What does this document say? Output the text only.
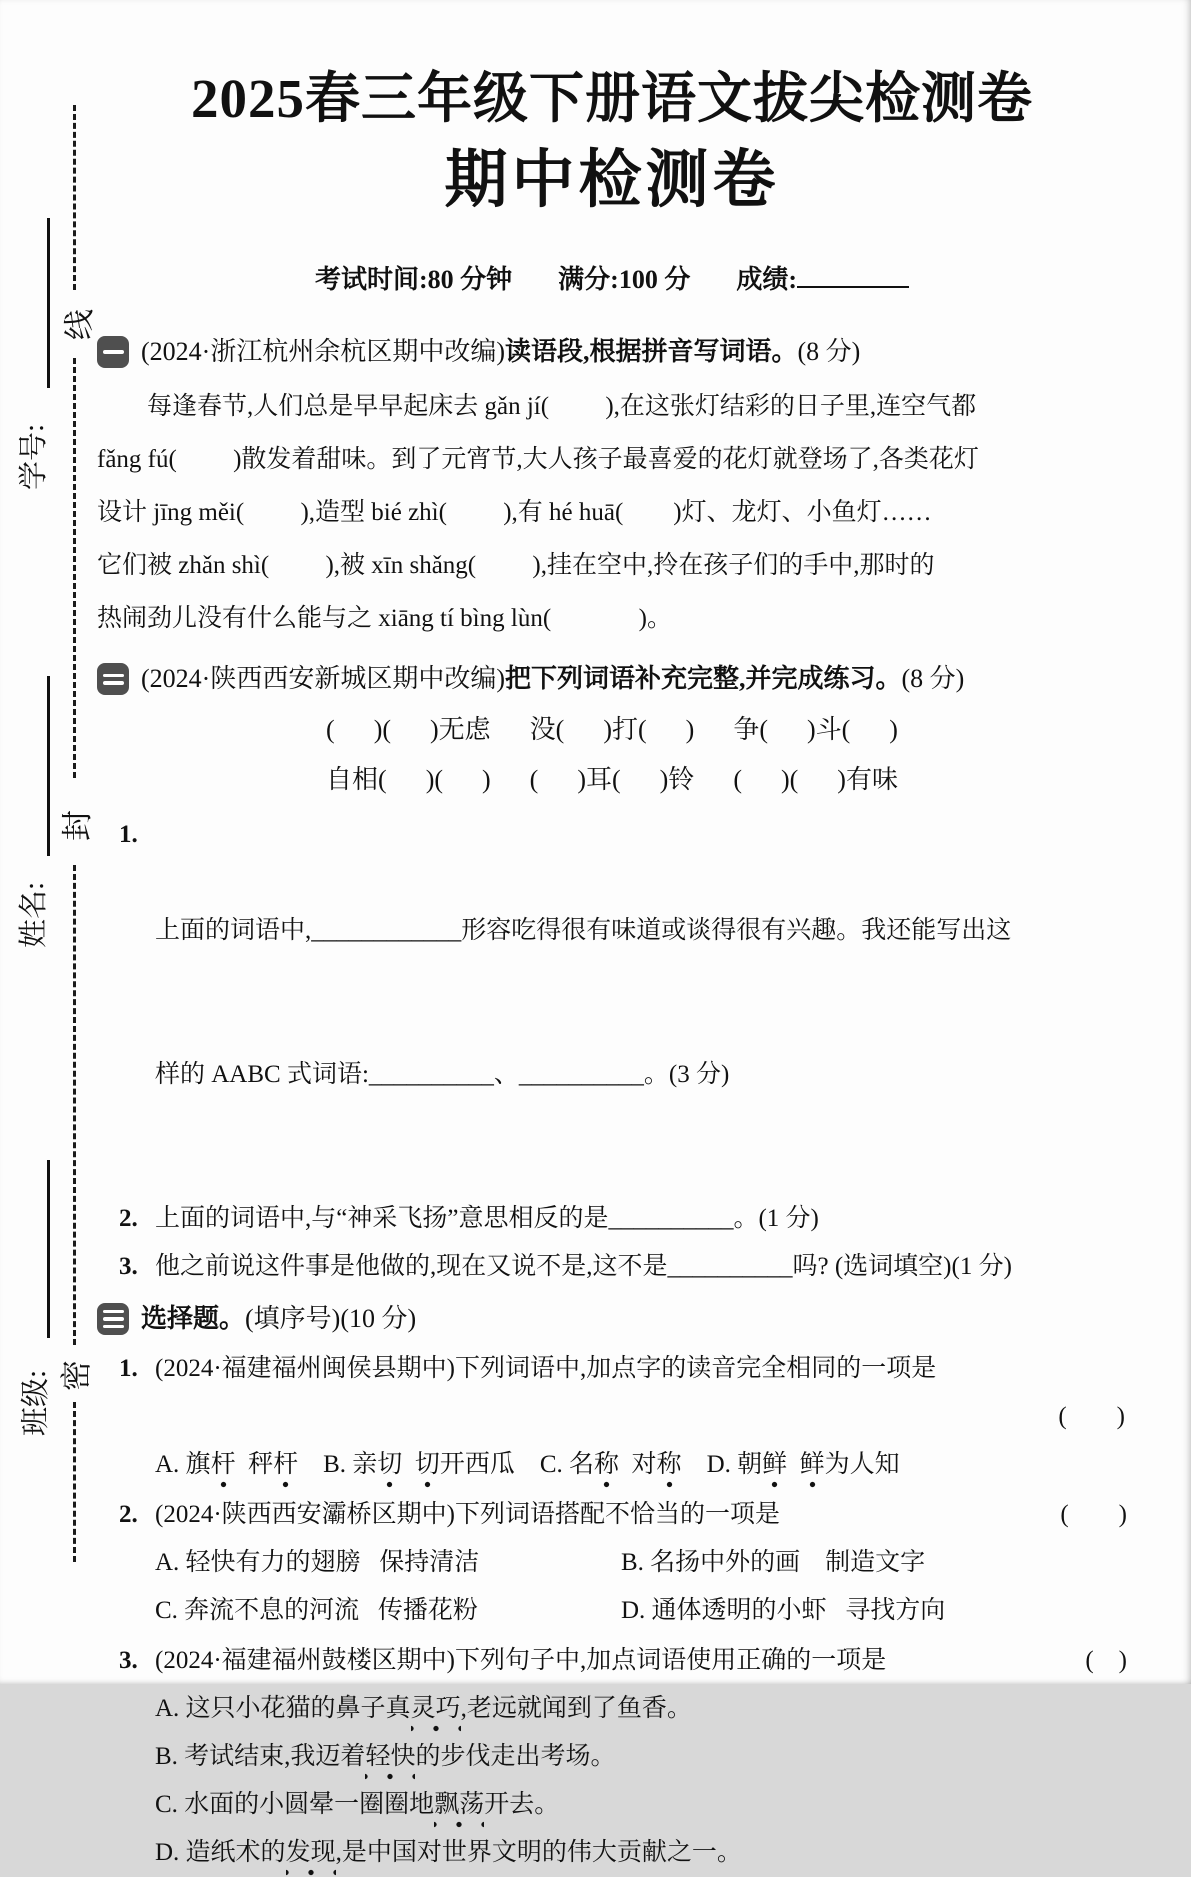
线
封
密
学号:
姓名:
班级:
2025春三年级下册语文拔尖检测卷
期中检测卷
考试时间:80 分钟 满分:100 分 成绩:
(2024·浙江杭州余杭区期中改编) 读语段,根据拼音写词语。 (8 分)
每逢春节,人们总是早早起床去 gǎn jí(         ),在这张灯结彩的日子里,连空气都
fǎng fú(         )散发着甜味。到了元宵节,大人孩子最喜爱的花灯就登场了,各类花灯
设计 jīng měi(         ),造型 bié zhì(         ),有 hé huā(        )灯、龙灯、小鱼灯……
它们被 zhǎn shì(         ),被 xīn shǎng(         ),挂在空中,拎在孩子们的手中,那时的
热闹劲儿没有什么能与之 xiāng tí bìng lùn(              )。
(2024·陕西西安新城区期中改编) 把下列词语补充完整,并完成练习。 (8 分)
(      )(      )无虑      没(      )打(      )      争(      )斗(      )
自相(      )(      )      (      )耳(      )铃      (      )(      )有味
1.

上面的词语中,____________形容吃得很有味道或谈得很有兴趣。我还能写出这

样的 AABC 式词语:__________、__________。(3 分)

2. 上面的词语中,与“神采飞扬”意思相反的是__________。(1 分)
3. 他之前说这件事是他做的,现在又说不是,这不是__________吗? (选词填空)(1 分)
选择题。 (填序号)(10 分)
1. (2024·福建福州闽侯县期中)下列词语中,加点字的读音完全相同的一项是
(        )
A. 旗杆  秤杆    B. 亲切 切开西瓜    C. 名称  对称    D. 朝鲜 鲜为人知
2. (2024·陕西西安灞桥区期中)下列词语搭配不恰当的一项是	(        )
A. 轻快有力的翅膀   保持清洁	B. 名扬中外的画    制造文字
C. 奔流不息的河流   传播花粉	D. 通体透明的小虾   寻找方向
3. (2024·福建福州鼓楼区期中)下列句子中,加点词语使用正确的一项是	(    )
A. 这只小花猫的鼻子真灵巧,老远就闻到了鱼香。
B. 考试结束,我迈着轻快的步伐走出考场。
C. 水面的小圆晕一圈圈地飘荡开去。
D. 造纸术的发现,是中国对世界文明的伟大贡献之一。
